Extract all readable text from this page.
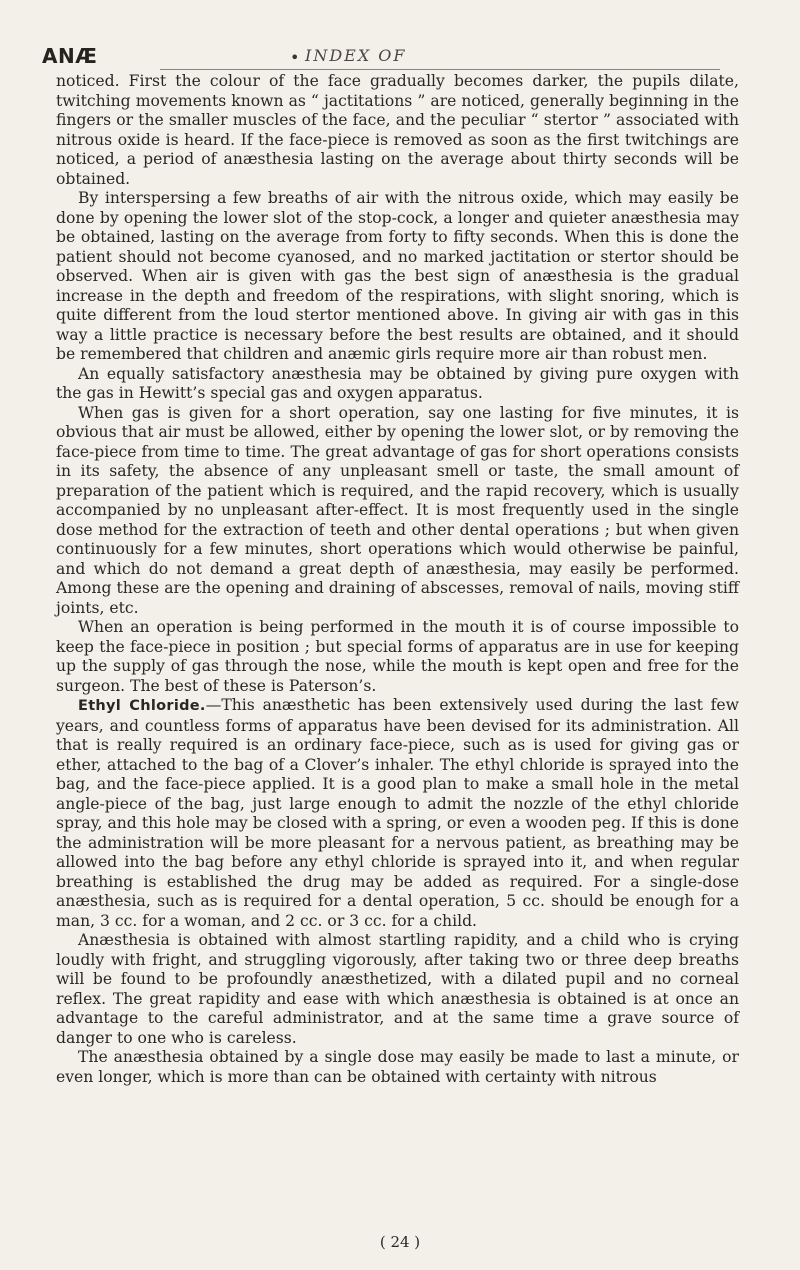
ANÆ	• INDEX OF

noticed. First the colour of the face gradually becomes darker, the pupils dilate, twitching movements known as “ jactitations ” are noticed, generally beginning in the fingers or the smaller muscles of the face, and the peculiar “ stertor ” associated with nitrous oxide is heard. If the face-piece is removed as soon as the first twitchings are noticed, a period of anæsthesia lasting on the average about thirty seconds will be obtained.

By interspersing a few breaths of air with the nitrous oxide, which may easily be done by opening the lower slot of the stop-cock, a longer and quieter anæsthesia may be obtained, lasting on the average from forty to fifty seconds. When this is done the patient should not become cyanosed, and no marked jactitation or stertor should be observed. When air is given with gas the best sign of anæsthesia is the gradual increase in the depth and freedom of the respirations, with slight snoring, which is quite different from the loud stertor mentioned above. In giving air with gas in this way a little practice is necessary before the best results are obtained, and it should be remembered that children and anæmic girls require more air than robust men.

An equally satisfactory anæsthesia may be obtained by giving pure oxygen with the gas in Hewitt’s special gas and oxygen apparatus.

When gas is given for a short operation, say one lasting for five minutes, it is obvious that air must be allowed, either by opening the lower slot, or by removing the face-piece from time to time. The great advantage of gas for short operations consists in its safety, the absence of any unpleasant smell or taste, the small amount of preparation of the patient which is required, and the rapid recovery, which is usually accompanied by no unpleasant after-effect. It is most frequently used in the single dose method for the extraction of teeth and other dental operations ; but when given continuously for a few minutes, short operations which would otherwise be painful, and which do not demand a great depth of anæsthesia, may easily be performed. Among these are the opening and draining of abscesses, removal of nails, moving stiff joints, etc.

When an operation is being performed in the mouth it is of course impossible to keep the face-piece in position ; but special forms of apparatus are in use for keeping up the supply of gas through the nose, while the mouth is kept open and free for the surgeon. The best of these is Paterson’s.

Ethyl Chloride.—This anæsthetic has been extensively used during the last few years, and countless forms of apparatus have been devised for its administration. All that is really required is an ordinary face-piece, such as is used for giving gas or ether, attached to the bag of a Clover’s inhaler. The ethyl chloride is sprayed into the bag, and the face-piece applied. It is a good plan to make a small hole in the metal angle-piece of the bag, just large enough to admit the nozzle of the ethyl chloride spray, and this hole may be closed with a spring, or even a wooden peg. If this is done the administration will be more pleasant for a nervous patient, as breathing may be allowed into the bag before any ethyl chloride is sprayed into it, and when regular breathing is established the drug may be added as required. For a single-dose anæsthesia, such as is required for a dental operation, 5 cc. should be enough for a man, 3 cc. for a woman, and 2 cc. or 3 cc. for a child.

Anæsthesia is obtained with almost startling rapidity, and a child who is crying loudly with fright, and struggling vigorously, after taking two or three deep breaths will be found to be profoundly anæsthetized, with a dilated pupil and no corneal reflex. The great rapidity and ease with which anæsthesia is obtained is at once an advantage to the careful administrator, and at the same time a grave source of danger to one who is careless.

The anæsthesia obtained by a single dose may easily be made to last a minute, or even longer, which is more than can be obtained with certainty with nitrous

( 24 )
